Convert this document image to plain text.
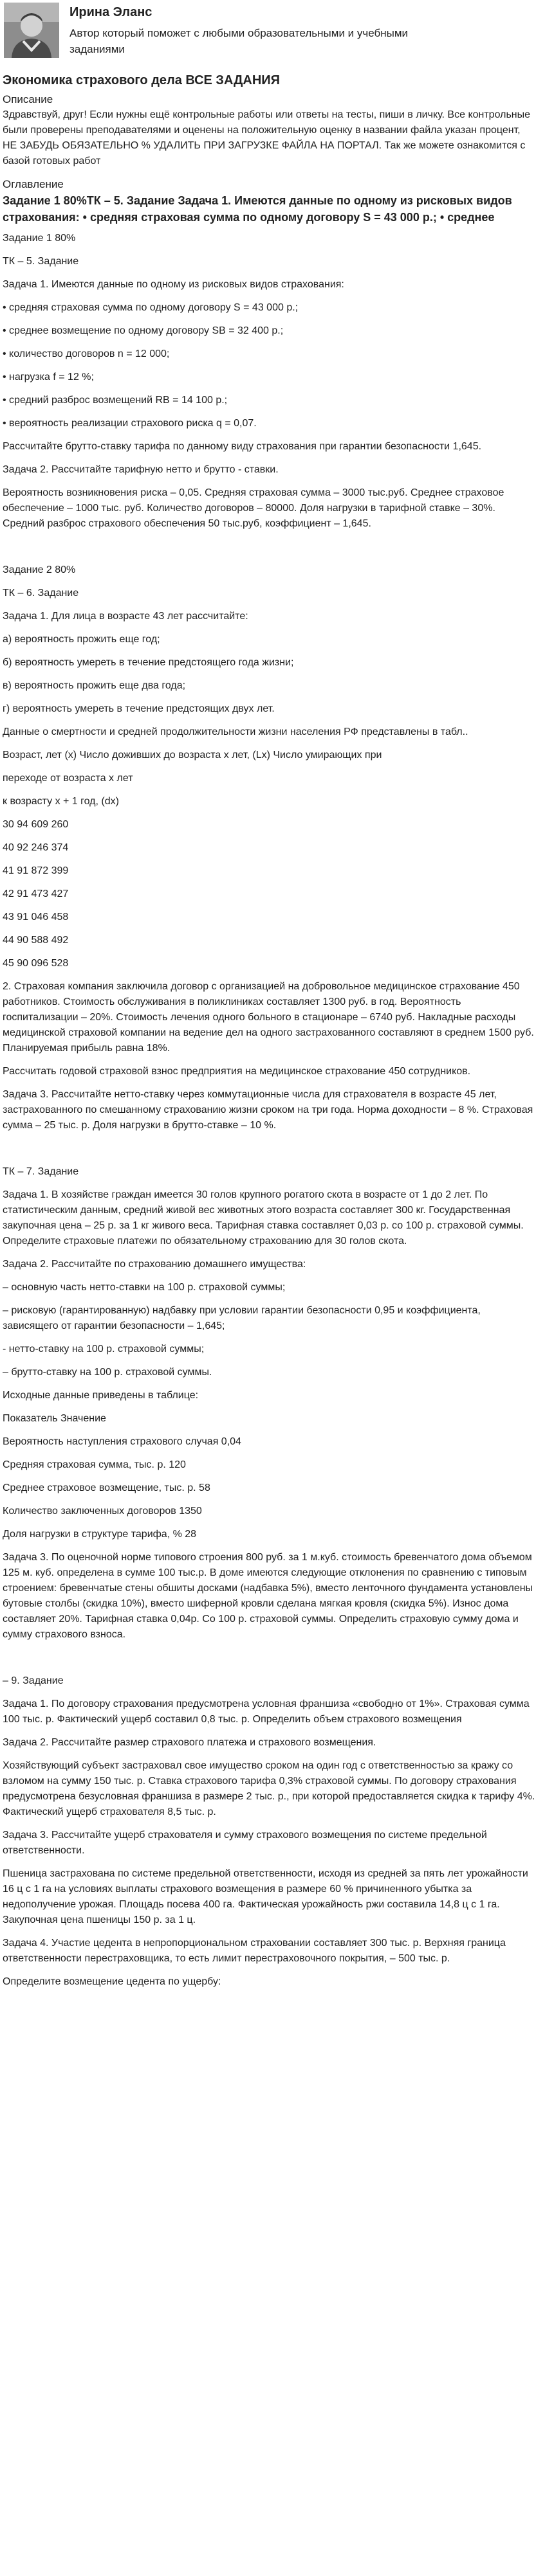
Ирина Эланс

Автор который поможет с любыми образовательными и учебными заданиями

Экономика страхового дела ВСЕ ЗАДАНИЯ

Описание

Здравствуй, друг! Если нужны ещё контрольные работы или ответы на тесты, пиши в личку. Все контрольные были проверены преподавателями и оценены на положительную оценку в названии файла указан процент, НЕ ЗАБУДЬ ОБЯЗАТЕЛЬНО % УДАЛИТЬ ПРИ ЗАГРУЗКЕ ФАЙЛА НА ПОРТАЛ. Так же можете ознакомится с базой готовых работ

Оглавление

Задание 1 80%ТК – 5. Задание Задача 1. Имеются данные по одному из рисковых видов страхования: • средняя страховая сумма по одному договору S = 43 000 р.; • среднее

Задание 1 80%

ТК – 5. Задание

Задача 1. Имеются данные по одному из рисковых видов страхования:

• средняя страховая сумма по одному договору S = 43 000 р.;

• среднее возмещение по одному договору SB = 32 400 р.;

• количество договоров n = 12 000;

• нагрузка f = 12 %;

• средний разброс возмещений RB = 14 100 р.;

• вероятность реализации страхового риска q = 0,07.

Рассчитайте брутто-ставку тарифа по данному виду страхования при гарантии безопасности 1,645.

Задача 2. Рассчитайте тарифную нетто и брутто - ставки.

Вероятность возникновения риска – 0,05. Средняя страховая сумма – 3000 тыс.руб. Среднее страховое обеспечение – 1000 тыс. руб. Количество договоров – 80000. Доля нагрузки в тарифной ставке – 30%. Средний разброс страхового обеспечения 50 тыс.руб, коэффициент – 1,645.

Задание 2 80%

ТК – 6. Задание

Задача 1. Для лица в возрасте 43 лет рассчитайте:

а) вероятность прожить еще год;

б) вероятность умереть в течение предстоящего года жизни;

в) вероятность прожить еще два года;

г) вероятность умереть в течение предстоящих двух лет.

Данные о смертности и средней продолжительности жизни населения РФ представлены в табл..

Возраст, лет (x) Число доживших до возраста x лет, (Lx) Число умирающих при

переходе от возраста x лет

к возрасту x + 1 год, (dx)

30 94 609 260

40 92 246 374

41 91 872 399

42 91 473 427

43 91 046 458

44 90 588 492

45 90 096 528

2. Страховая компания заключила договор с организацией на добровольное медицинское страхование 450 работников. Стоимость обслуживания в поликлиниках составляет 1300 руб. в год. Вероятность госпитализации – 20%. Стоимость лечения одного больного в стационаре – 6740 руб. Накладные расходы медицинской страховой компании на ведение дел на одного застрахованного составляют в среднем 1500 руб. Планируемая прибыль равна 18%.

Рассчитать годовой страховой взнос предприятия на медицинское страхование 450 сотрудников.

Задача 3. Рассчитайте нетто-ставку через коммутационные числа для страхователя в возрасте 45 лет, застрахованного по смешанному страхованию жизни сроком на три года. Норма доходности – 8 %. Страховая сумма – 25 тыс. р. Доля нагрузки в брутто-ставке – 10 %.

ТК – 7. Задание

Задача 1. В хозяйстве граждан имеется 30 голов крупного рогатого скота в возрасте от 1 до 2 лет. По статистическим данным, средний живой вес животных этого возраста составляет 300 кг. Государственная закупочная цена – 25 р. за 1 кг живого веса. Тарифная ставка составляет 0,03 р. со 100 р. страховой суммы. Определите страховые платежи по обязательному страхованию для 30 голов скота.

Задача 2. Рассчитайте по страхованию домашнего имущества:

– основную часть нетто-ставки на 100 р. страховой суммы;

– рисковую (гарантированную) надбавку при условии гарантии безопасности 0,95 и коэффициента, зависящего от гарантии безопасности – 1,645;

- нетто-ставку на 100 р. страховой суммы;

– брутто-ставку на 100 р. страховой суммы.

Исходные данные приведены в таблице:

Показатель Значение

Вероятность наступления страхового случая 0,04

Средняя страховая сумма, тыс. р. 120

Среднее страховое возмещение, тыс. р. 58

Количество заключенных договоров 1350

Доля нагрузки в структуре тарифа, % 28

Задача 3. По оценочной норме типового строения 800 руб. за 1 м.куб. стоимость бревенчатого дома объемом 125 м. куб. определена в сумме 100 тыс.р. В доме имеются следующие отклонения по сравнению с типовым строением: бревенчатые стены обшиты досками (надбавка 5%), вместо ленточного фундамента установлены бутовые столбы (скидка 10%), вместо шиферной кровли сделана мягкая кровля (скидка 5%). Износ дома составляет 20%. Тарифная ставка 0,04р. Со 100 р. страховой суммы. Определить страховую сумму дома и сумму страхового взноса.

– 9. Задание

Задача 1. По договору страхования предусмотрена условная франшиза «свободно от 1%». Страховая сумма 100 тыс. р. Фактический ущерб составил 0,8 тыс. р. Определить объем страхового возмещения

Задача 2. Рассчитайте размер страхового платежа и страхового возмещения.

Хозяйствующий субъект застраховал свое имущество сроком на один год с ответственностью за кражу со взломом на сумму 150 тыс. р. Ставка страхового тарифа 0,3% страховой суммы. По договору страхования предусмотрена безусловная франшиза в размере 2 тыс. р., при которой предоставляется скидка к тарифу 4%. Фактический ущерб страхователя 8,5 тыс. р.

Задача 3. Рассчитайте ущерб страхователя и сумму страхового возмещения по системе предельной ответственности.

Пшеница застрахована по системе предельной ответственности, исходя из средней за пять лет урожайности 16 ц с 1 га на условиях выплаты страхового возмещения в размере 60 % причиненного убытка за недополучение урожая. Площадь посева 400 га. Фактическая урожайность ржи составила 14,8 ц с 1 га. Закупочная цена пшеницы 150 р. за 1 ц.

Задача 4. Участие цедента в непропорциональном страховании составляет 300 тыс. р. Верхняя граница ответственности перестраховщика, то есть лимит перестраховочного покрытия, – 500 тыс. р.

Определите возмещение цедента по ущербу:
